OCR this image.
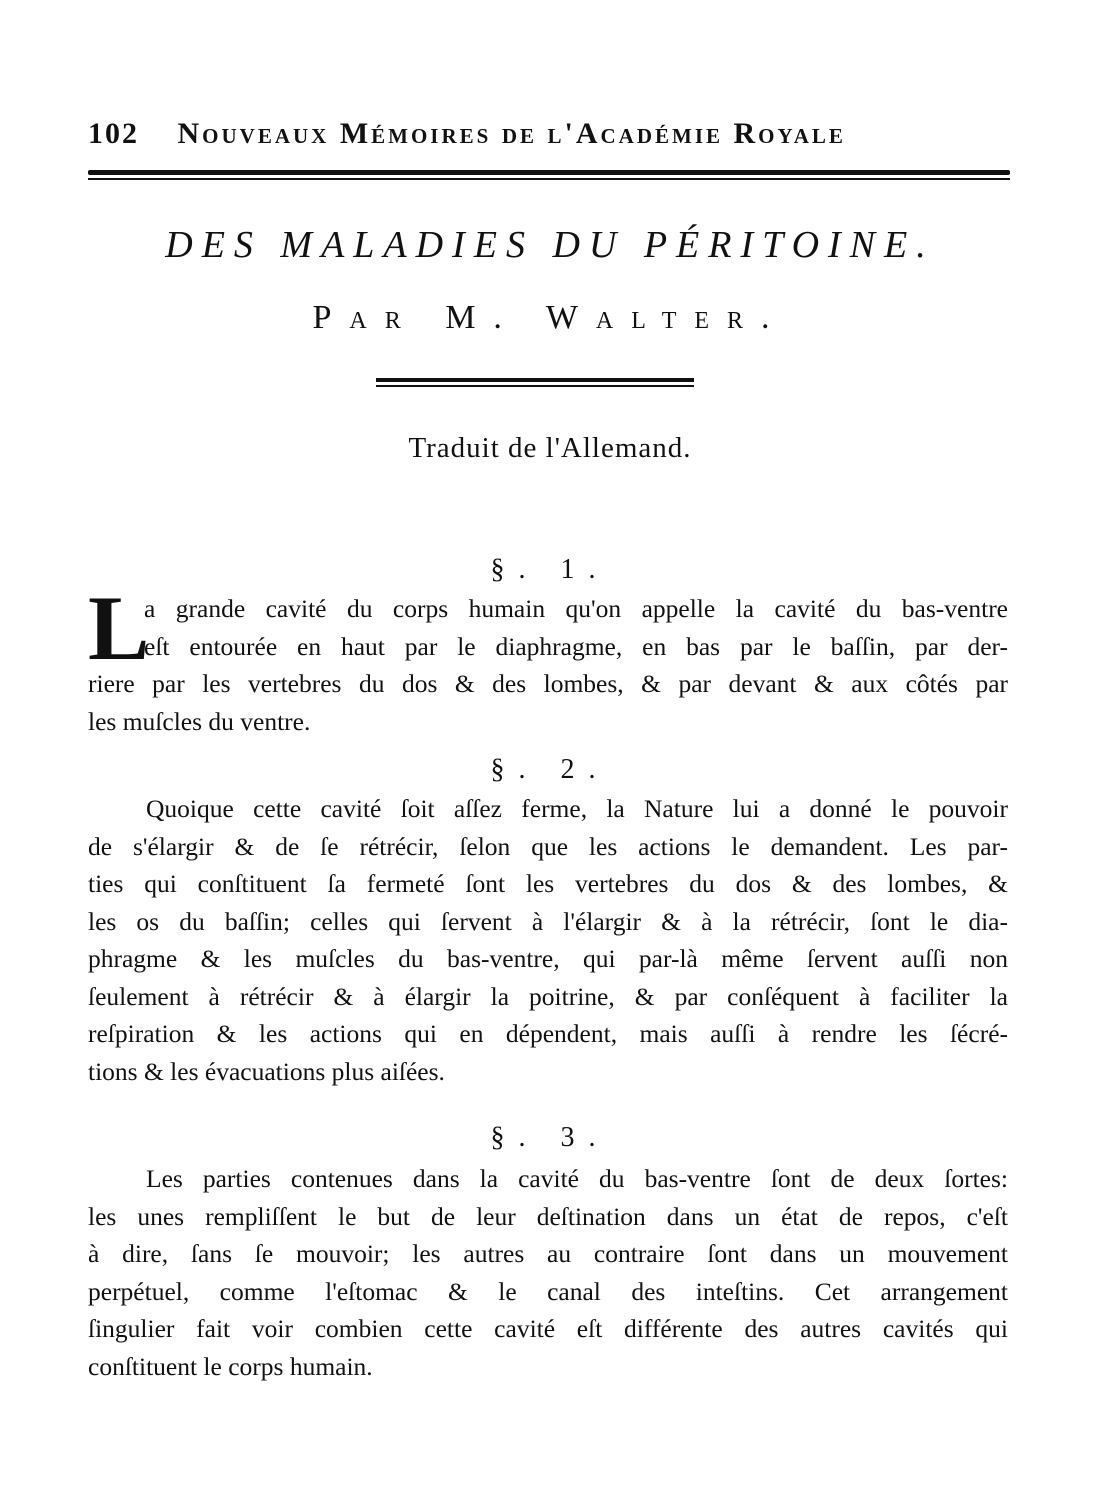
102 Nouveaux Mémoires de l'Académie Royale
DES MALADIES DU PÉRITOINE.
Par M. Walter.
Traduit de l'Allemand.
§. 1.
L
a grande cavité du corps humain qu'on appelle la cavité du bas-ventre
eſt entourée en haut par le diaphragme, en bas par le baſſin, par der-
riere par les vertebres du dos & des lombes, & par devant & aux côtés par
les muſcles du ventre.
§. 2.
Quoique cette cavité ſoit aſſez ferme, la Nature lui a donné le pouvoir
de s'élargir & de ſe rétrécir, ſelon que les actions le demandent. Les par-
ties qui conſtituent ſa fermeté ſont les vertebres du dos & des lombes, &
les os du baſſin; celles qui ſervent à l'élargir & à la rétrécir, ſont le dia-
phragme & les muſcles du bas-ventre, qui par-là même ſervent auſſi non
ſeulement à rétrécir & à élargir la poitrine, & par conſéquent à faciliter la
reſpiration & les actions qui en dépendent, mais auſſi à rendre les ſécré-
tions & les évacuations plus aiſées.
§. 3.
Les parties contenues dans la cavité du bas-ventre ſont de deux ſortes:
les unes rempliſſent le but de leur deſtination dans un état de repos, c'eſt
à dire, ſans ſe mouvoir; les autres au contraire ſont dans un mouvement
perpétuel, comme l'eſtomac & le canal des inteſtins. Cet arrangement
ſingulier fait voir combien cette cavité eſt différente des autres cavités qui
conſtituent le corps humain.
